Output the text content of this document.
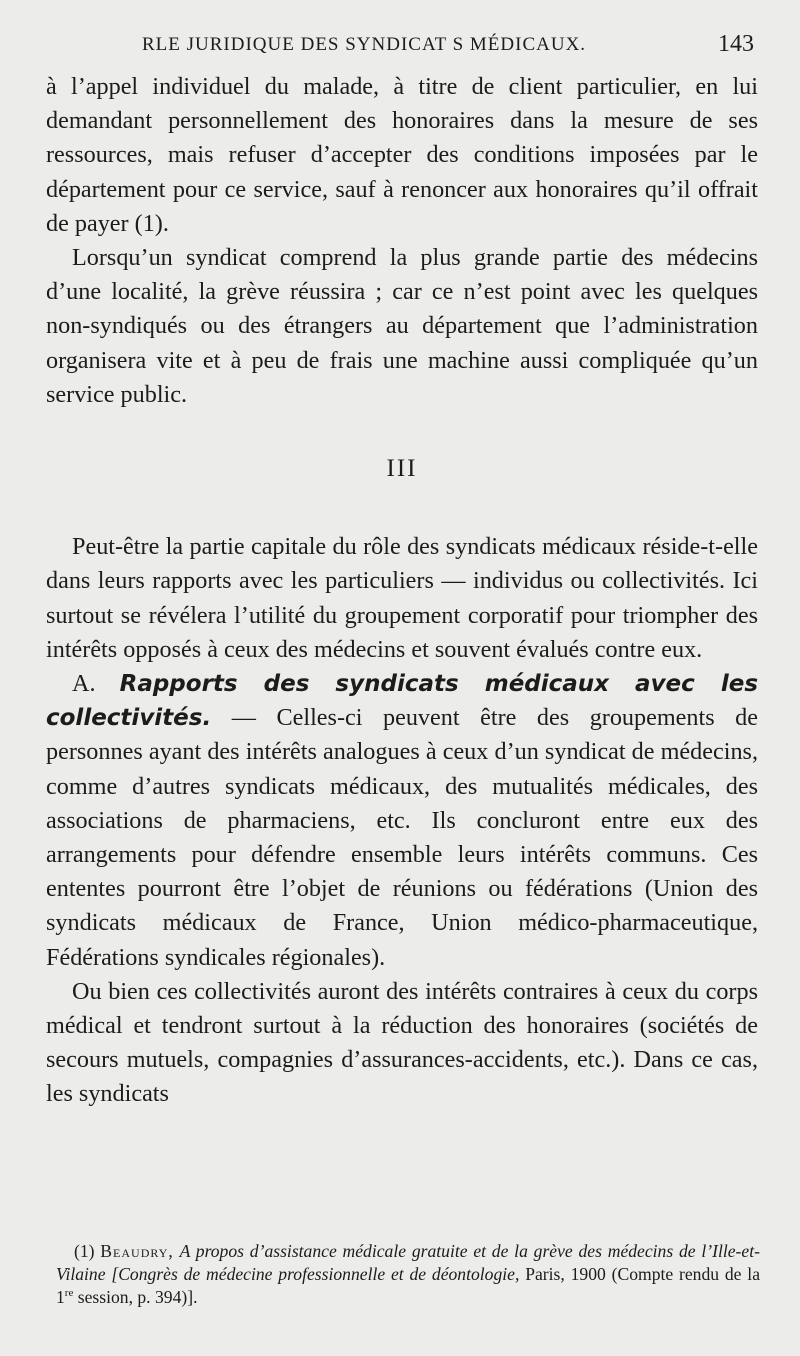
RLE JURIDIQUE DES SYNDICAT S MÉDICAUX.	143

à l’appel individuel du malade, à titre de client particulier, en lui demandant personnellement des honoraires dans la mesure de ses ressources, mais refuser d’accepter des conditions imposées par le département pour ce service, sauf à renoncer aux honoraires qu’il offrait de payer (1).

Lorsqu’un syndicat comprend la plus grande partie des médecins d’une localité, la grève réussira ; car ce n’est point avec les quelques non-syndiqués ou des étrangers au département que l’administration organisera vite et à peu de frais une machine aussi compliquée qu’un service public.

III

Peut-être la partie capitale du rôle des syndicats médicaux réside-t-elle dans leurs rapports avec les particuliers — individus ou collectivités. Ici surtout se révélera l’utilité du groupement corporatif pour triompher des intérêts opposés à ceux des médecins et souvent évalués contre eux.

A. Rapports des syndicats médicaux avec les collectivités. — Celles-ci peuvent être des groupements de personnes ayant des intérêts analogues à ceux d’un syndicat de médecins, comme d’autres syndicats médicaux, des mutualités médicales, des associations de pharmaciens, etc. Ils concluront entre eux des arrangements pour défendre ensemble leurs intérêts communs. Ces ententes pourront être l’objet de réunions ou fédérations (Union des syndicats médicaux de France, Union médico-pharmaceutique, Fédérations syndicales régionales).

Ou bien ces collectivités auront des intérêts contraires à ceux du corps médical et tendront surtout à la réduction des honoraires (sociétés de secours mutuels, compagnies d’assurances-accidents, etc.). Dans ce cas, les syndicats

(1) Beaudry, A propos d’assistance médicale gratuite et de la grève des médecins de l’Ille-et-Vilaine [Congrès de médecine professionnelle et de déontologie, Paris, 1900 (Compte rendu de la 1re session, p. 394)].
